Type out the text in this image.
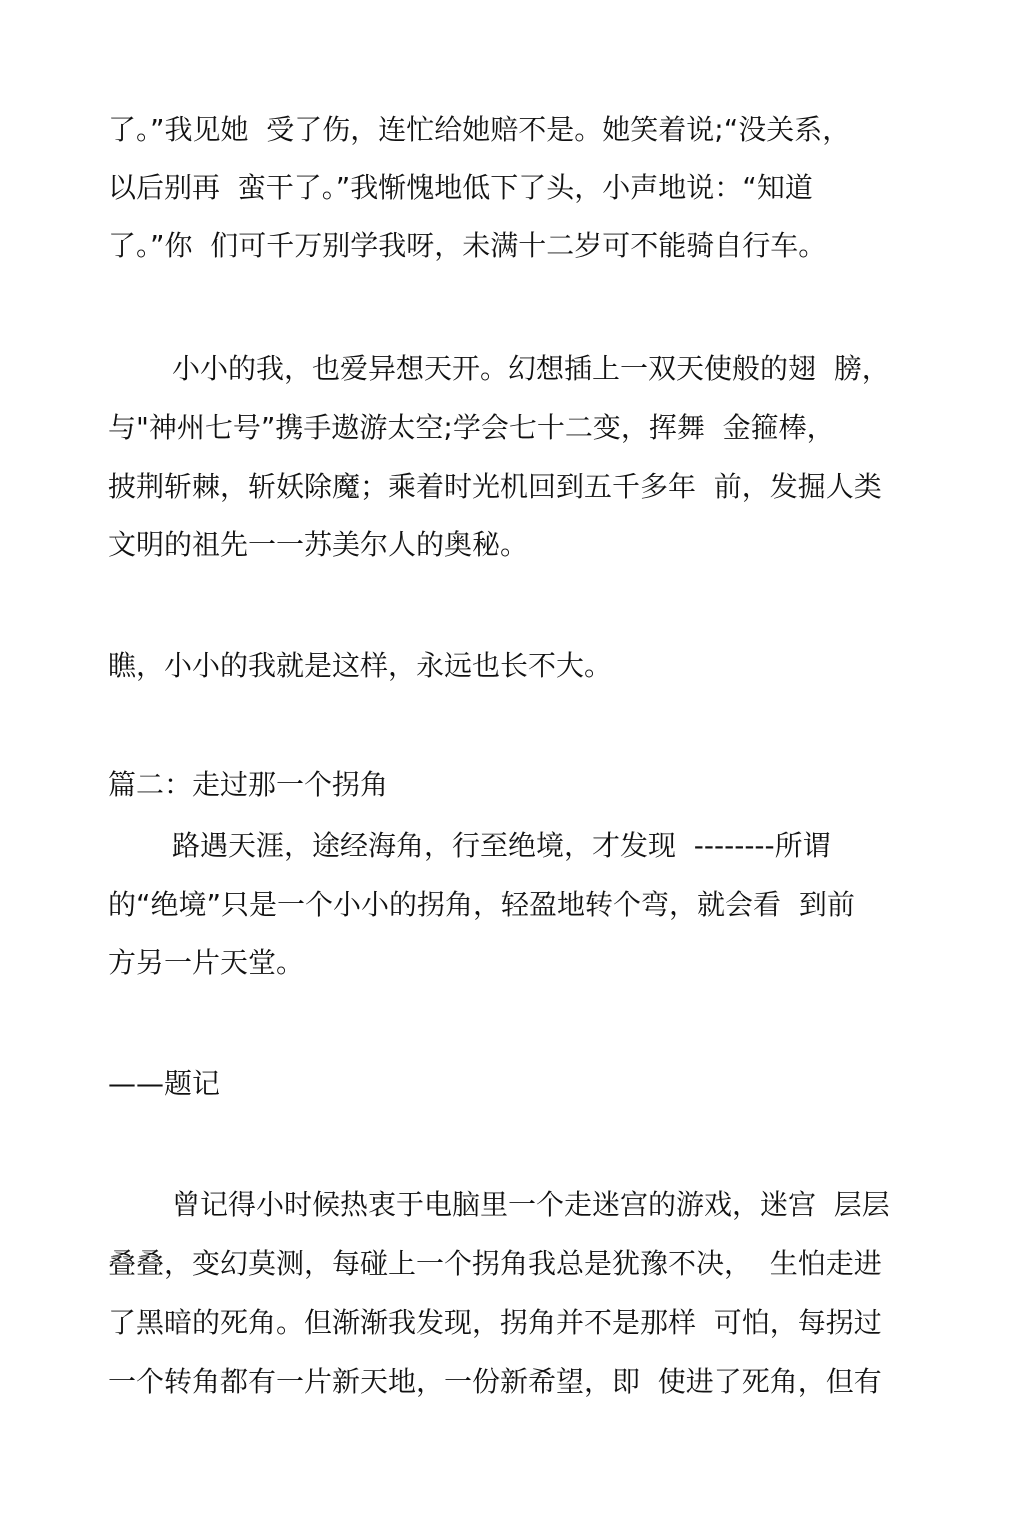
了。”我见她  受了伤，连忙给她赔不是。她笑着说;“没关系，
以后别再  蛮干了。”我惭愧地低下了头，小声地说：“知道
了。”你  们可千万别学我呀，未满十二岁可不能骑自行车。
小小的我，也爱异想天开。幻想插上一双天使般的翅  膀，
与"神州七号”携手遨游太空;学会七十二变，挥舞  金箍棒，
披荆斩棘，斩妖除魔；乘着时光机回到五千多年  前，发掘人类
文明的祖先一一苏美尔人的奥秘。
瞧，小小的我就是这样，永远也长不大。
篇二：走过那一个拐角
路遇天涯，途经海角，行至绝境，才发现  --------所谓
的“绝境”只是一个小小的拐角，轻盈地转个弯，就会看  到前
方另一片天堂。
——题记
曾记得小时候热衷于电脑里一个走迷宫的游戏，迷宫  层层
叠叠，变幻莫测，每碰上一个拐角我总是犹豫不决，  生怕走进
了黑暗的死角。但渐渐我发现，拐角并不是那样  可怕，每拐过
一个转角都有一片新天地，一份新希望，即  使进了死角，但有
